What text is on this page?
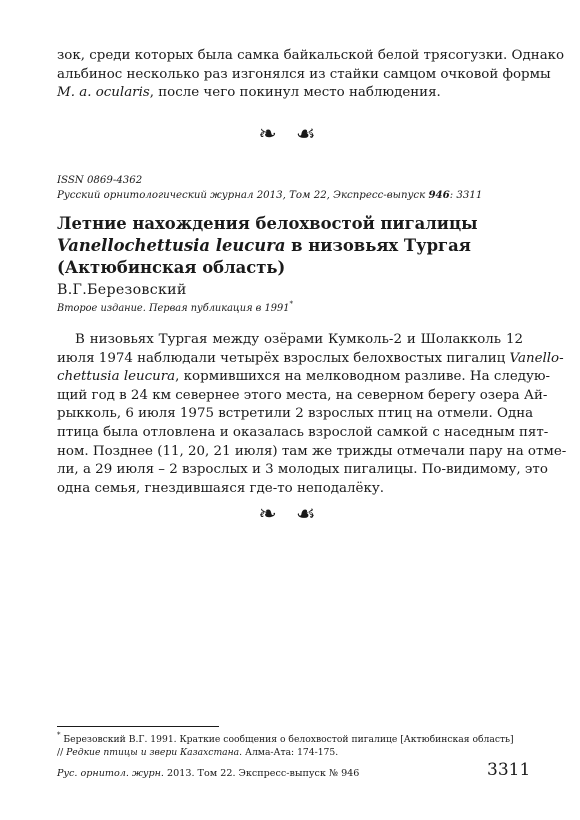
зок, среди которых была самка байкальской белой трясогузки. Однако
альбинос несколько раз изгонялся из стайки самцом очковой формы
M. a. ocularis, после чего покинул место наблюдения.
❧ ☙
ISSN 0869-4362
Русский орнитологический журнал 2013, Том 22, Экспресс-выпуск 946: 3311
Летние нахождения белохвостой пигалицы
Vanellochettusia leucura в низовьях Тургая
(Актюбинская область)
В.Г.Березовский
Второе издание. Первая публикация в 1991*
В низовьях Тургая между озёрами Кумколь-2 и Шолакколь 12
июля 1974 наблюдали четырёх взрослых белохвостых пигалиц Vanello-
chettusia leucura, кормившихся на мелководном разливе. На следую-
щий год в 24 км севернее этого места, на северном берегу озера Ай-
рыкколь, 6 июля 1975 встретили 2 взрослых птиц на отмели. Одна
птица была отловлена и оказалась взрослой самкой с наседным пят-
ном. Позднее (11, 20, 21 июля) там же трижды отмечали пару на отме-
ли, а 29 июля – 2 взрослых и 3 молодых пигалицы. По-видимому, это
одна семья, гнездившаяся где-то неподалёку.
❧ ☙
* Березовский В.Г. 1991. Краткие сообщения о белохвостой пигалице [Актюбинская область]
// Редкие птицы и звери Казахстана. Алма-Ата: 174-175.
Рус. орнитол. журн. 2013. Том 22. Экспресс-выпуск № 946	3311
